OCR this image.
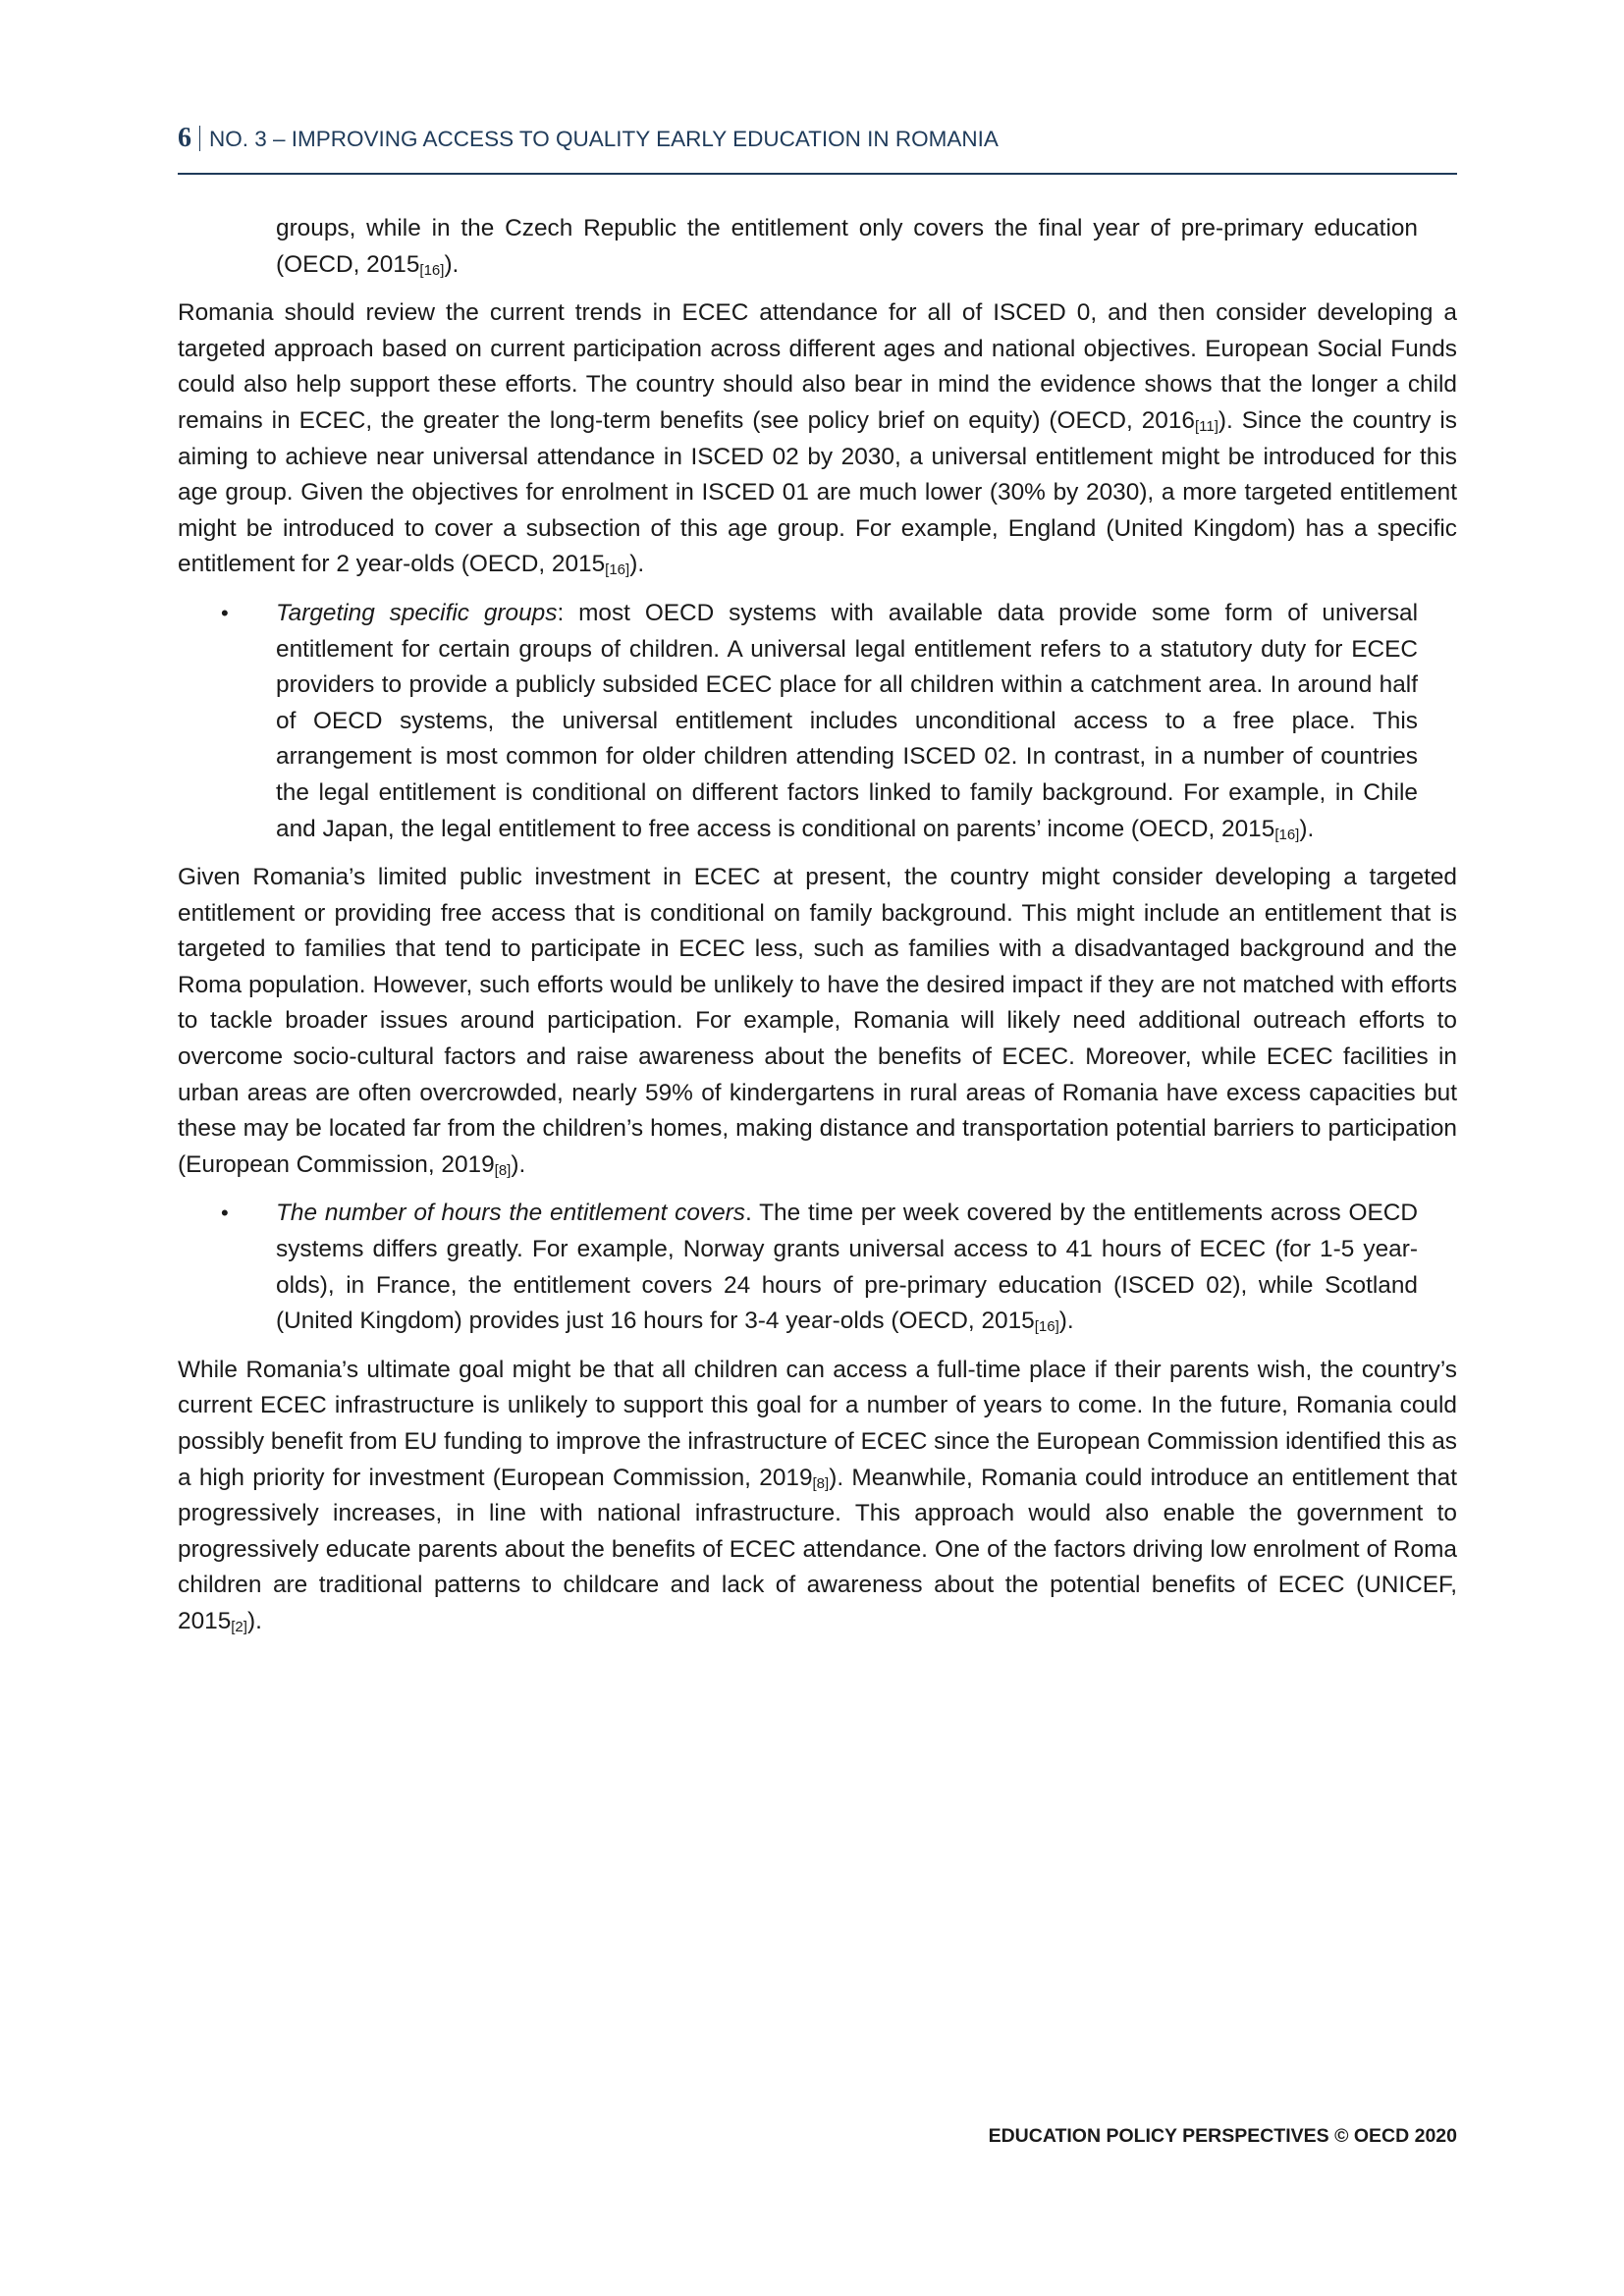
6 NO. 3 – IMPROVING ACCESS TO QUALITY EARLY EDUCATION IN ROMANIA

groups, while in the Czech Republic the entitlement only covers the final year of pre-primary education (OECD, $2015_{[16]}$).

Romania should review the current trends in ECEC attendance for all of ISCED 0, and then consider developing a targeted approach based on current participation across different ages and national objectives. European Social Funds could also help support these efforts. The country should also bear in mind the evidence shows that the longer a child remains in ECEC, the greater the long-term benefits (see policy brief on equity) (OECD, $2016_{[11]}$). Since the country is aiming to achieve near universal attendance in ISCED 02 by 2030, a universal entitlement might be introduced for this age group. Given the objectives for enrolment in ISCED 01 are much lower (30% by 2030), a more targeted entitlement might be introduced to cover a subsection of this age group. For example, England (United Kingdom) has a specific entitlement for 2 year-olds (OECD, $2015_{[16]}$).

• Targeting specific groups: most OECD systems with available data provide some form of universal entitlement for certain groups of children. A universal legal entitlement refers to a statutory duty for ECEC providers to provide a publicly subsided ECEC place for all children within a catchment area. In around half of OECD systems, the universal entitlement includes unconditional access to a free place. This arrangement is most common for older children attending ISCED 02. In contrast, in a number of countries the legal entitlement is conditional on different factors linked to family background. For example, in Chile and Japan, the legal entitlement to free access is conditional on parents’ income (OECD, $2015_{[16]}$).

Given Romania’s limited public investment in ECEC at present, the country might consider developing a targeted entitlement or providing free access that is conditional on family background. This might include an entitlement that is targeted to families that tend to participate in ECEC less, such as families with a disadvantaged background and the Roma population. However, such efforts would be unlikely to have the desired impact if they are not matched with efforts to tackle broader issues around participation. For example, Romania will likely need additional outreach efforts to overcome socio-cultural factors and raise awareness about the benefits of ECEC. Moreover, while ECEC facilities in urban areas are often overcrowded, nearly 59% of kindergartens in rural areas of Romania have excess capacities but these may be located far from the children’s homes, making distance and transportation potential barriers to participation (European Commission, $2019_{[8]}$).

• The number of hours the entitlement covers. The time per week covered by the entitlements across OECD systems differs greatly. For example, Norway grants universal access to 41 hours of ECEC (for 1-5 year-olds), in France, the entitlement covers 24 hours of pre-primary education (ISCED 02), while Scotland (United Kingdom) provides just 16 hours for 3-4 year-olds (OECD, $2015_{[16]}$).

While Romania’s ultimate goal might be that all children can access a full-time place if their parents wish, the country’s current ECEC infrastructure is unlikely to support this goal for a number of years to come. In the future, Romania could possibly benefit from EU funding to improve the infrastructure of ECEC since the European Commission identified this as a high priority for investment (European Commission, $2019_{[8]}$). Meanwhile, Romania could introduce an entitlement that progressively increases, in line with national infrastructure. This approach would also enable the government to progressively educate parents about the benefits of ECEC attendance. One of the factors driving low enrolment of Roma children are traditional patterns to childcare and lack of awareness about the potential benefits of ECEC (UNICEF, $2015_{[2]}$).

EDUCATION POLICY PERSPECTIVES © OECD 2020
